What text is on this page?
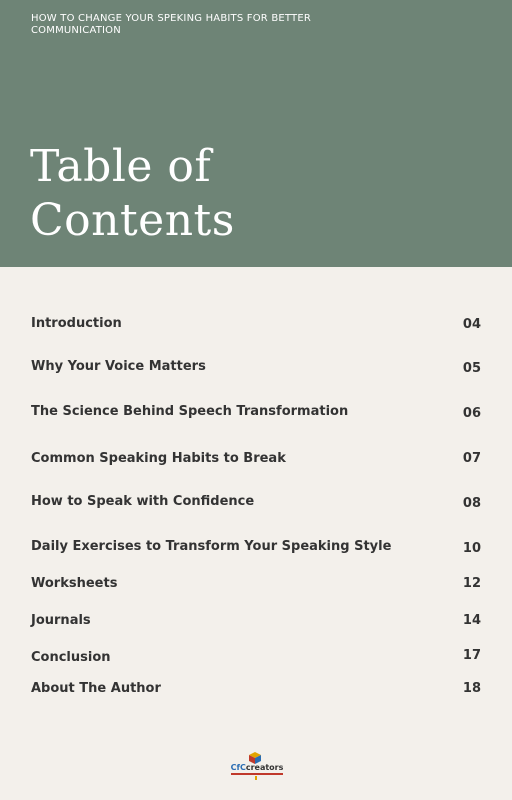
HOW TO CHANGE YOUR SPEKING HABITS FOR BETTER COMMUNICATION
Table of
Contents
Introduction	04
Why Your Voice Matters	05
The Science Behind Speech Transformation	06
Common Speaking Habits to Break	07
How to Speak with Confidence	08
Daily Exercises to Transform Your Speaking Style	10
Worksheets	12
Journals	14
Conclusion	17
About The Author	18
CfCcreators
